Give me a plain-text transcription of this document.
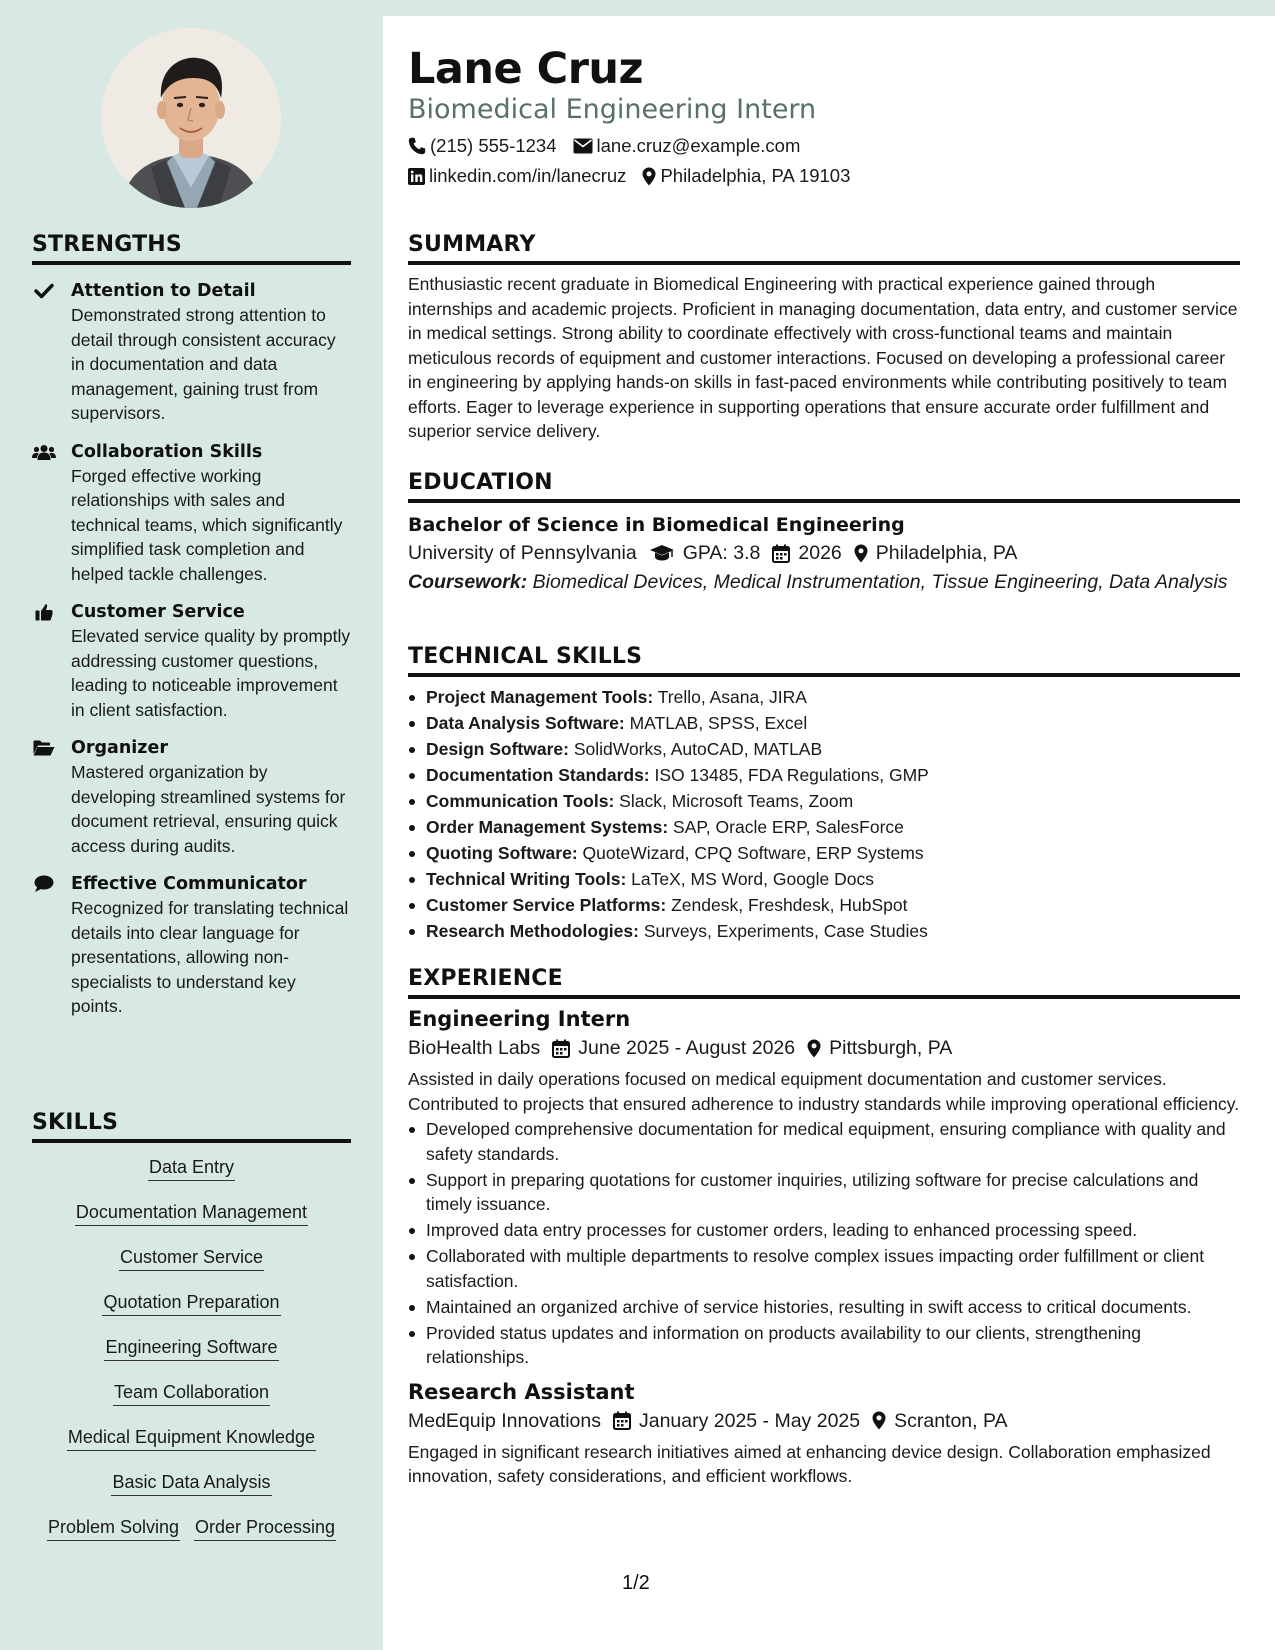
STRENGTHS
Attention to Detail
Demonstrated strong attention to detail through consistent accuracy in documentation and data management, gaining trust from supervisors.
Collaboration Skills
Forged effective working relationships with sales and technical teams, which significantly simplified task completion and helped tackle challenges.
Customer Service
Elevated service quality by promptly addressing customer questions, leading to noticeable improvement in client satisfaction.
Organizer
Mastered organization by developing streamlined systems for document retrieval, ensuring quick access during audits.
Effective Communicator
Recognized for translating technical details into clear language for presentations, allowing non-specialists to understand key points.
SKILLS
Data Entry
Documentation Management
Customer Service
Quotation Preparation
Engineering Software
Team Collaboration
Medical Equipment Knowledge
Basic Data Analysis
Problem Solving Order Processing
Lane Cruz
Biomedical Engineering Intern
(215) 555-1234 lane.cruz@example.com
linkedin.com/in/lanecruz Philadelphia, PA 19103
SUMMARY

Enthusiastic recent graduate in Biomedical Engineering with practical experience gained through internships and academic projects. Proficient in managing documentation, data entry, and customer service in medical settings. Strong ability to coordinate effectively with cross-functional teams and maintain meticulous records of equipment and customer interactions. Focused on developing a professional career in engineering by applying hands-on skills in fast-paced environments while contributing positively to team efforts. Eager to leverage experience in supporting operations that ensure accurate order fulfillment and superior service delivery.

EDUCATION
Bachelor of Science in Biomedical Engineering
University of Pennsylvania GPA: 3.8 2026 Philadelphia, PA
Coursework: Biomedical Devices, Medical Instrumentation, Tissue Engineering, Data Analysis
TECHNICAL SKILLS
Project Management Tools: Trello, Asana, JIRA
Data Analysis Software: MATLAB, SPSS, Excel
Design Software: SolidWorks, AutoCAD, MATLAB
Documentation Standards: ISO 13485, FDA Regulations, GMP
Communication Tools: Slack, Microsoft Teams, Zoom
Order Management Systems: SAP, Oracle ERP, SalesForce
Quoting Software: QuoteWizard, CPQ Software, ERP Systems
Technical Writing Tools: LaTeX, MS Word, Google Docs
Customer Service Platforms: Zendesk, Freshdesk, HubSpot
Research Methodologies: Surveys, Experiments, Case Studies
EXPERIENCE
Engineering Intern
BioHealth Labs June 2025 - August 2026 Pittsburgh, PA

Assisted in daily operations focused on medical equipment documentation and customer services. Contributed to projects that ensured adherence to industry standards while improving operational efficiency.

Developed comprehensive documentation for medical equipment, ensuring compliance with quality and safety standards.
Support in preparing quotations for customer inquiries, utilizing software for precise calculations and timely issuance.
Improved data entry processes for customer orders, leading to enhanced processing speed.
Collaborated with multiple departments to resolve complex issues impacting order fulfillment or client satisfaction.
Maintained an organized archive of service histories, resulting in swift access to critical documents.
Provided status updates and information on products availability to our clients, strengthening relationships.
Research Assistant
MedEquip Innovations January 2025 - May 2025 Scranton, PA

Engaged in significant research initiatives aimed at enhancing device design. Collaboration emphasized innovation, safety considerations, and efficient workflows.

1/2
